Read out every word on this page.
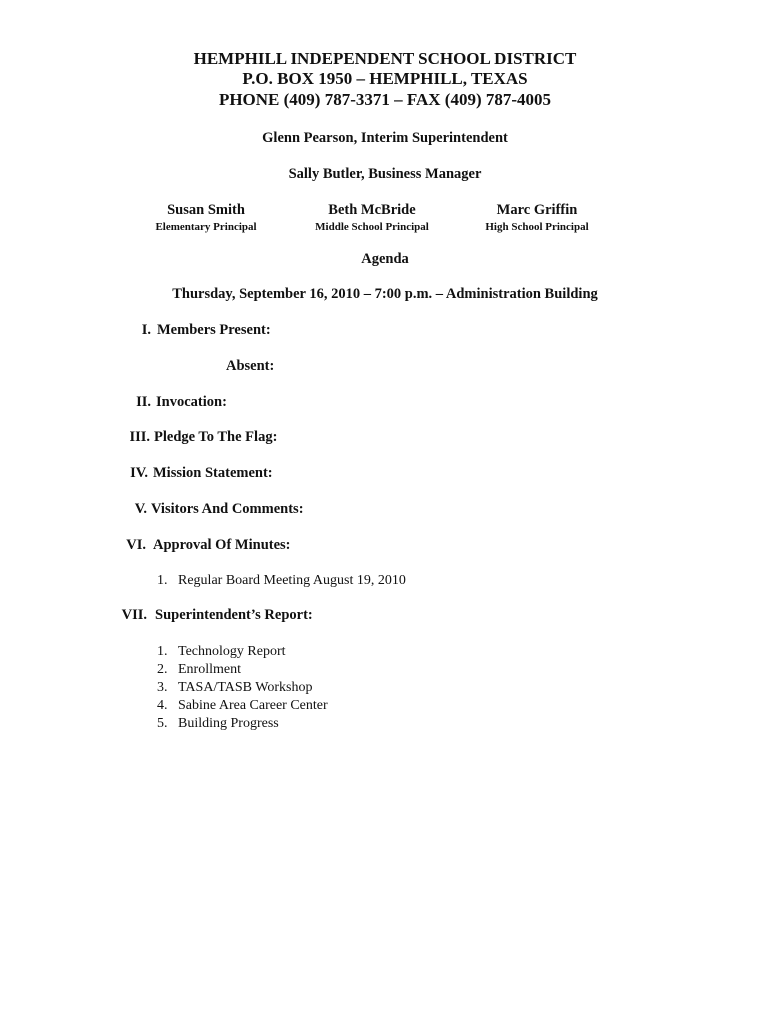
HEMPHILL INDEPENDENT SCHOOL DISTRICT
P.O. BOX 1950 – HEMPHILL, TEXAS
PHONE (409) 787-3371 – FAX (409) 787-4005
Glenn Pearson, Interim Superintendent
Sally Butler, Business Manager
Susan Smith
Elementary Principal
Beth McBride
Middle School Principal
Marc Griffin
High School Principal
Agenda
Thursday, September 16, 2010 – 7:00 p.m. – Administration Building
I. Members Present:
Absent:
II. Invocation:
III. Pledge To The Flag:
IV. Mission Statement:
V. Visitors And Comments:
VI. Approval Of Minutes:
1. Regular Board Meeting August 19, 2010
VII. Superintendent’s Report:
1. Technology Report
2. Enrollment
3. TASA/TASB Workshop
4. Sabine Area Career Center
5. Building Progress
